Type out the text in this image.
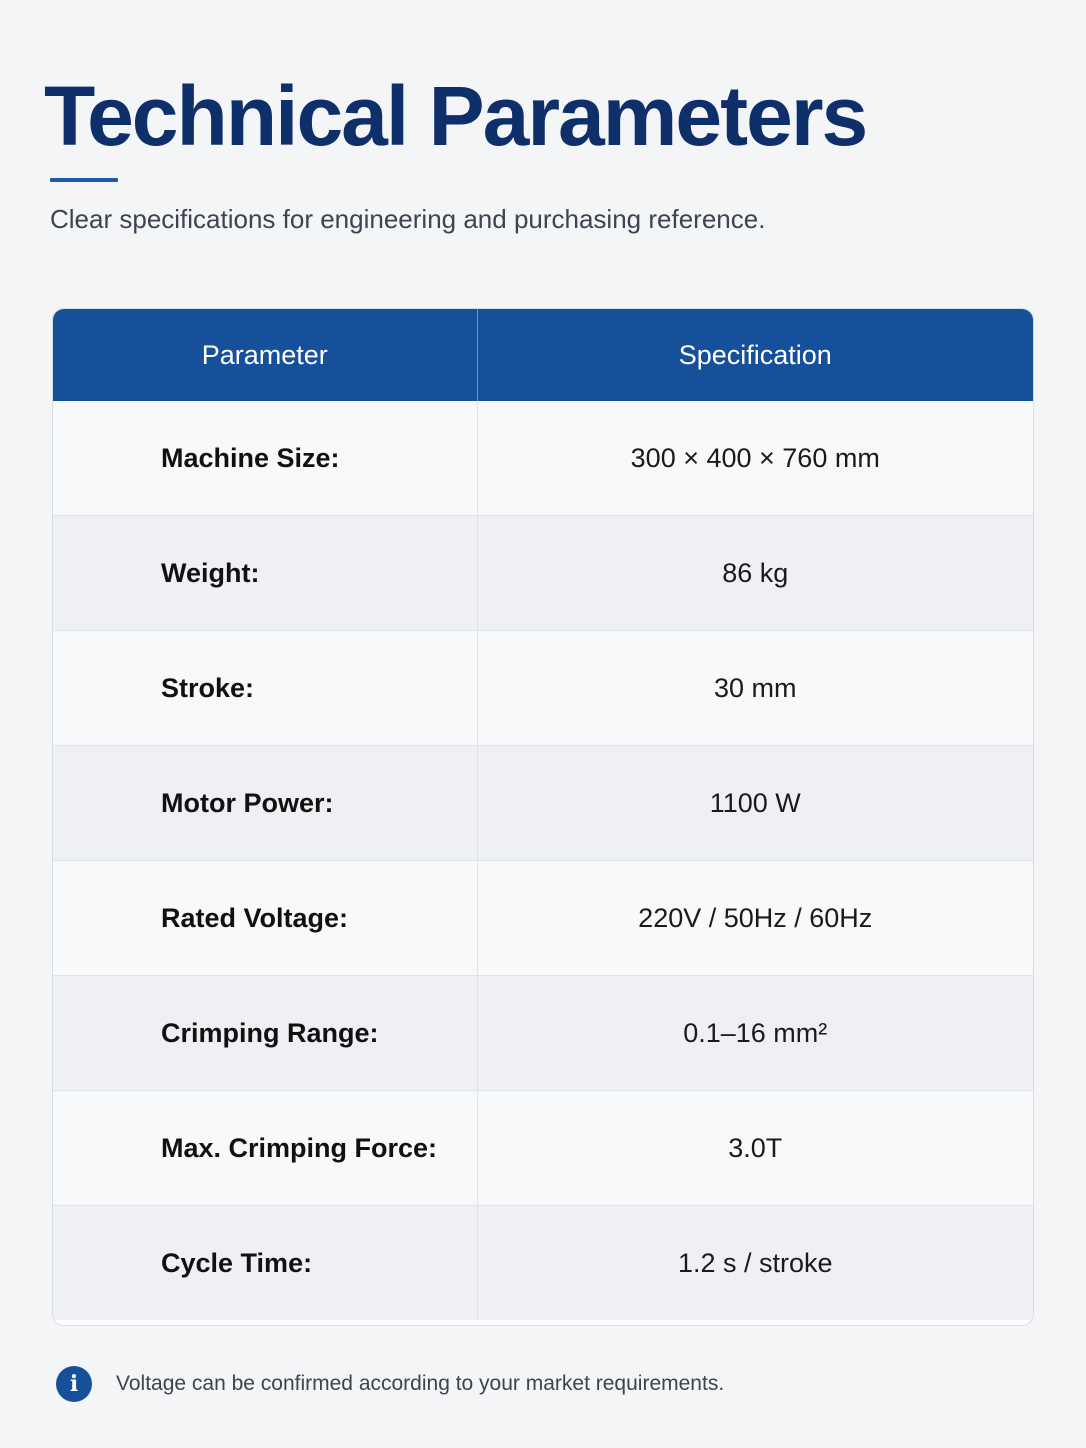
Technical Parameters

Clear specifications for engineering and purchasing reference.

Parameter	Specification
Machine Size:	300 × 400 × 760 mm
Weight:	86 kg
Stroke:	30 mm
Motor Power:	1100 W
Rated Voltage:	220V / 50Hz / 60Hz
Crimping Range:	0.1–16 mm²
Max. Crimping Force:	3.0T
Cycle Time:	1.2 s / stroke
i	Voltage can be confirmed according to your market requirements.
